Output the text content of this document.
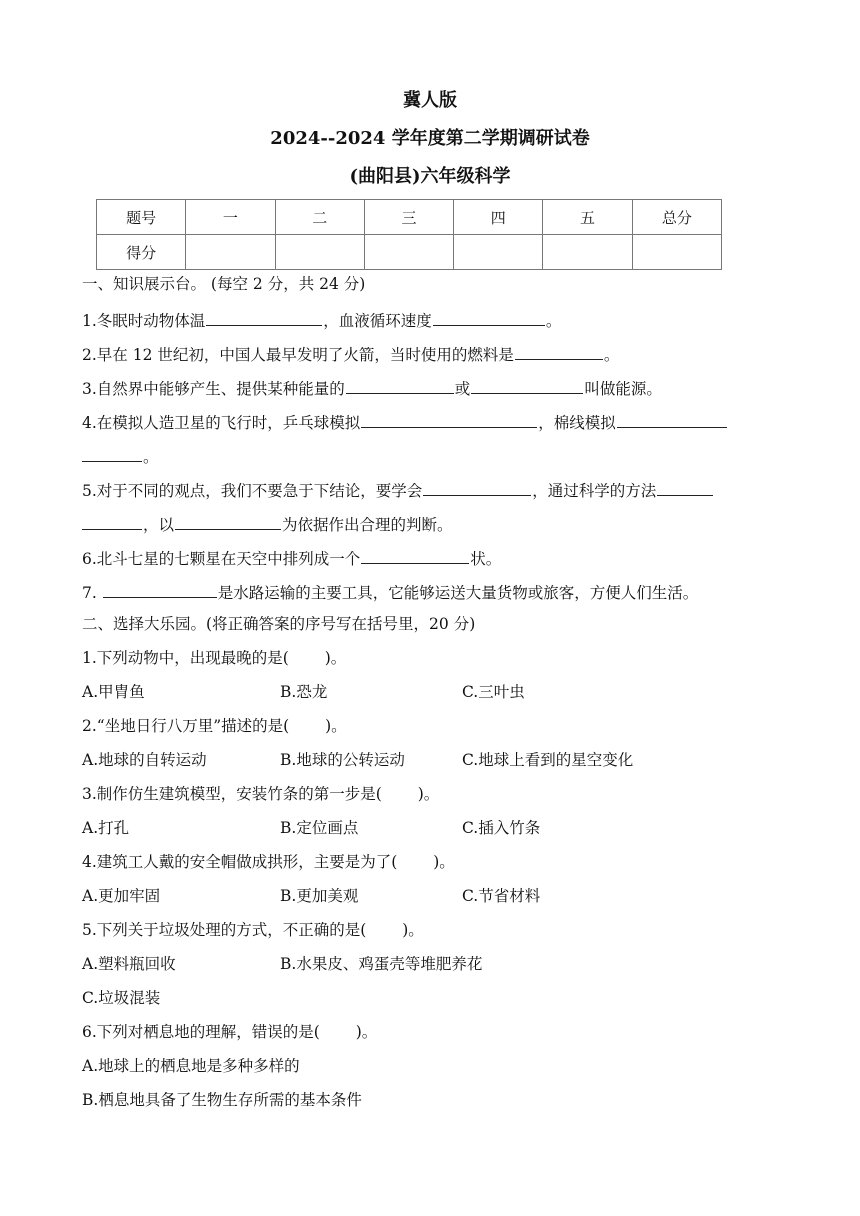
冀人版
2024--2024 学年度第二学期调研试卷
(曲阳县)六年级科学
题号	一	二	三	四	五	总分
得分						
一、知识展示台。 (每空 2 分，共 24 分)
1.冬眠时动物体温	，血液循环速度	。
2.早在 12 世纪初，中国人最早发明了火箭，当时使用的燃料是	。
3.自然界中能够产生、提供某种能量的	或	叫做能源。
4.在模拟人造卫星的飞行时，乒乓球模拟	，棉线模拟
。
5.对于不同的观点，我们不要急于下结论，要学会	，通过科学的方法
，以	为依据作出合理的判断。
6.北斗七星的七颗星在天空中排列成一个	状。
7.	是水路运输的主要工具，它能够运送大量货物或旅客，方便人们生活。
二、选择大乐园。(将正确答案的序号写在括号里，20 分)
1.下列动物中，出现最晚的是(　　 )。
A.甲胄鱼	B.恐龙	C.三叶虫
2.“坐地日行八万里”描述的是(　　 )。
A.地球的自转运动	B.地球的公转运动	C.地球上看到的星空变化
3.制作仿生建筑模型，安装竹条的第一步是(　　 )。
A.打孔	B.定位画点	C.插入竹条
4.建筑工人戴的安全帽做成拱形，主要是为了(　　 )。
A.更加牢固	B.更加美观	C.节省材料
5.下列关于垃圾处理的方式，不正确的是(　　 )。
A.塑料瓶回收	B.水果皮、鸡蛋壳等堆肥养花
C.垃圾混装
6.下列对栖息地的理解，错误的是(　　 )。
A.地球上的栖息地是多种多样的
B.栖息地具备了生物生存所需的基本条件
